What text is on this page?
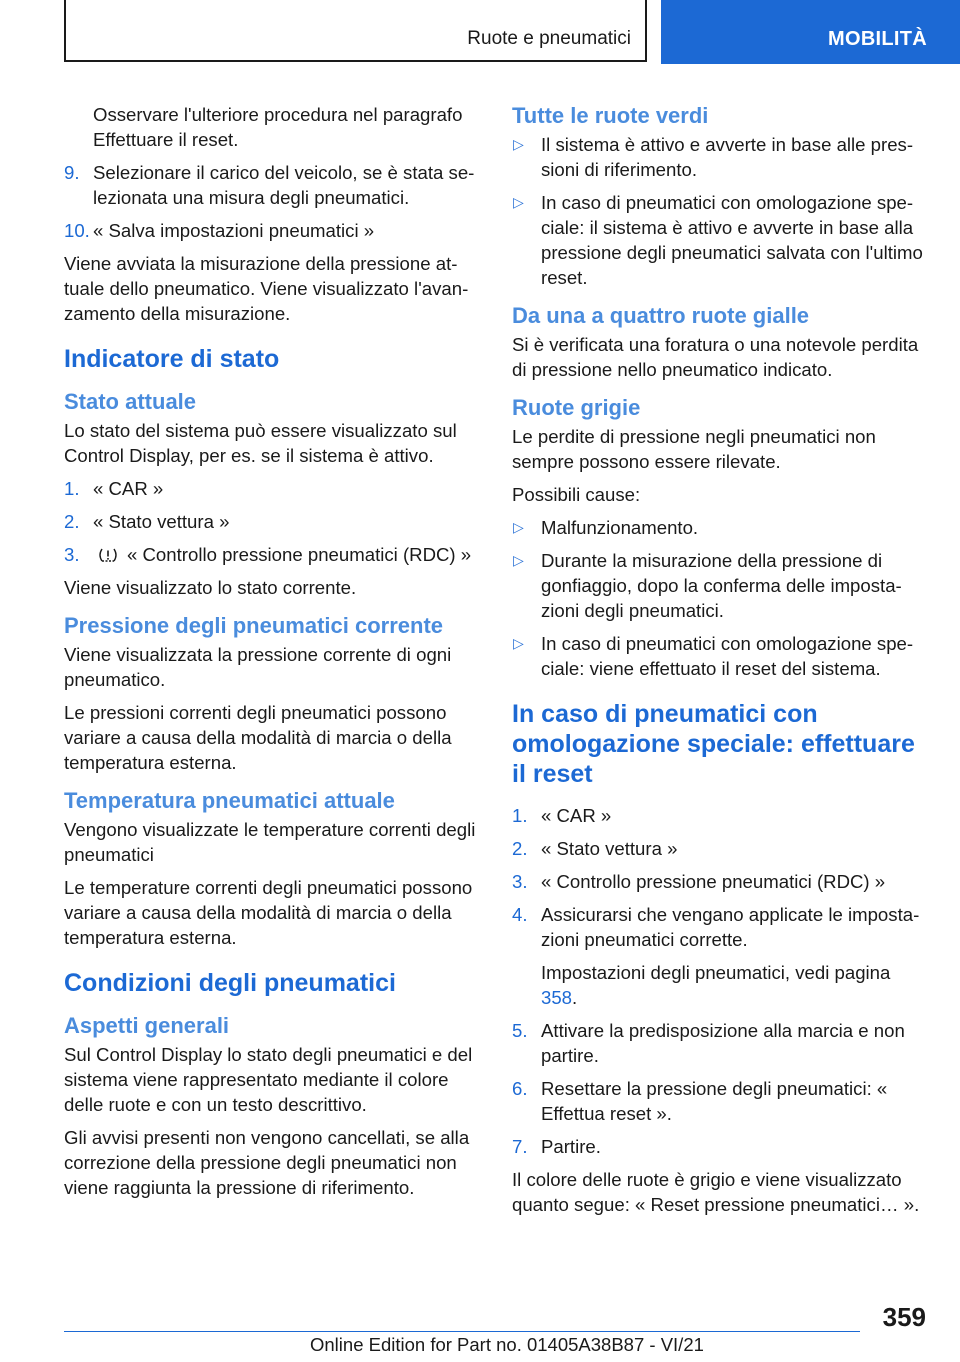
Ruote e pneumatici	MOBILITÀ

Osservare l'ulteriore procedura nel paragrafo Effettuare il reset.

9. Selezionare il carico del veicolo, se è stata selezionata una misura degli pneumatici.
10. « Salva impostazioni pneumatici »

Viene avviata la misurazione della pressione attuale dello pneumatico. Viene visualizzato l'avanzamento della misurazione.

Indicatore di stato
Stato attuale

Lo stato del sistema può essere visualizzato sul Control Display, per es. se il sistema è attivo.

1. « CAR »
2. « Stato vettura »
3.	« Controllo pressione pneumatici (RDC) »

Viene visualizzato lo stato corrente.

Pressione degli pneumatici corrente

Viene visualizzata la pressione corrente di ogni pneumatico.

Le pressioni correnti degli pneumatici possono variare a causa della modalità di marcia o della temperatura esterna.

Temperatura pneumatici attuale

Vengono visualizzate le temperature correnti degli pneumatici

Le temperature correnti degli pneumatici possono variare a causa della modalità di marcia o della temperatura esterna.

Condizioni degli pneumatici
Aspetti generali

Sul Control Display lo stato degli pneumatici e del sistema viene rappresentato mediante il colore delle ruote e con un testo descrittivo.

Gli avvisi presenti non vengono cancellati, se alla correzione della pressione degli pneumatici non viene raggiunta la pressione di riferimento.

Tutte le ruote verdi
▷ Il sistema è attivo e avverte in base alle pressioni di riferimento.
▷ In caso di pneumatici con omologazione speciale: il sistema è attivo e avverte in base alla pressione degli pneumatici salvata con l'ultimo reset.
Da una a quattro ruote gialle

Si è verificata una foratura o una notevole perdita di pressione nello pneumatico indicato.

Ruote grigie

Le perdite di pressione negli pneumatici non sempre possono essere rilevate.

Possibili cause:

▷ Malfunzionamento.
▷ Durante la misurazione della pressione di gonfiaggio, dopo la conferma delle impostazioni degli pneumatici.
▷ In caso di pneumatici con omologazione speciale: viene effettuato il reset del sistema.
In caso di pneumatici con omologazione speciale: effettuare il reset
1. « CAR »
2. « Stato vettura »
3. « Controllo pressione pneumatici (RDC) »
4. Assicurarsi che vengano applicate le impostazioni pneumatici corrette.

Impostazioni degli pneumatici, vedi pagina 358.

5. Attivare la predisposizione alla marcia e non partire.
6. Resettare la pressione degli pneumatici: « Effettua reset ».
7. Partire.

Il colore delle ruote è grigio e viene visualizzato quanto segue: « Reset pressione pneumatici… ».

359
Online Edition for Part no. 01405A38B87 - VI/21
